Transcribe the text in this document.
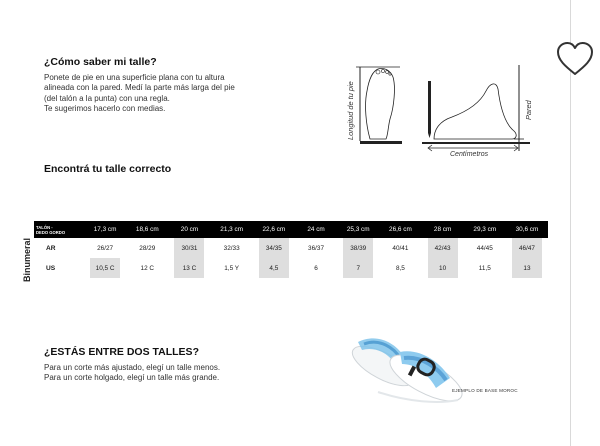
¿Cómo saber mi talle?
Ponete de pie en una superficie plana con tu altura
alineada con la pared. Medí la parte más larga del pie
(del talón a la punta) con una regla.
Te sugerimos hacerlo con medias.	Longitud de tu pie	Pared
Centímetros
Encontrá tu talle correcto
Binumeral
TALÓN -
DEDO GORDO	17,3 cm	18,6 cm	20 cm	21,3 cm	22,6 cm	24 cm	25,3 cm	26,6 cm	28 cm	29,3 cm	30,6 cm
AR	26/27	28/29	30/31	32/33	34/35	36/37	38/39	40/41	42/43	44/45	46/47
US	10,5 C	12 C	13 C	1,5 Y	4,5	6	7	8,5	10	11,5	13
¿ESTÁS ENTRE DOS TALLES?
Para un corte más ajustado, elegí un talle menos.
Para un corte holgado, elegí un talle más grande.
EJEMPLO DE BASE MOROC
